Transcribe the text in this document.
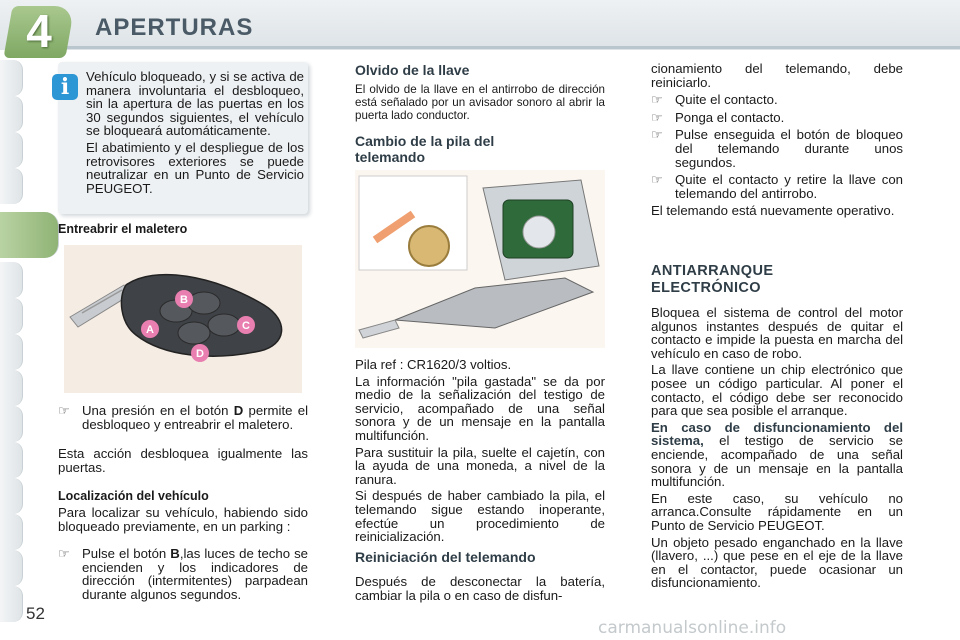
4	APERTURAS
i	Vehículo bloqueado, y si se activa de manera involuntaria el desbloqueo, sin la apertura de las puertas en los 30 segundos siguientes, el vehículo se bloqueará automáticamente.

El abatimiento y el despliegue de los retrovisores exteriores se puede neutralizar en un Punto de Servicio PEUGEOT.

Entreabrir el maletero
B
A	C
D

☞ Una presión en el botón D permite el desbloqueo y entreabrir el maletero.

Esta acción desbloquea igualmente las puertas.

Localización del vehículo

Para localizar su vehículo, habiendo sido bloqueado previamente, en un parking :

☞ Pulse el botón B,las luces de techo se encienden y los indicadores de dirección (intermitentes) parpadean durante algunos segundos.

52
Olvido de la llave

El olvido de la llave en el antirrobo de dirección está señalado por un avisador sonoro al abrir la puerta lado conductor.

Cambio de la pila del telemando

Pila ref : CR1620/3 voltios.

La información "pila gastada" se da por medio de la señalización del testigo de servicio, acompañado de una señal sonora y de un mensaje en la pantalla multifunción.

Para sustituir la pila, suelte el cajetín, con la ayuda de una moneda, a nivel de la ranura.

Si después de haber cambiado la pila, el telemando sigue estando inoperante, efectúe un procedimiento de reinicialización.

Reiniciación del telemando

Después de desconectar la batería, cambiar la pila o en caso de disfun-

cionamiento del telemando, debe reiniciarlo.

☞ Quite el contacto.

☞ Ponga el contacto.

☞ Pulse enseguida el botón de bloqueo del telemando durante unos segundos.

☞ Quite el contacto y retire la llave con telemando del antirrobo.

El telemando está nuevamente operativo.

ANTIARRANQUE
ELECTRÓNICO

Bloquea el sistema de control del motor algunos instantes después de quitar el contacto e impide la puesta en marcha del vehículo en caso de robo.

La llave contiene un chip electrónico que posee un código particular. Al poner el contacto, el código debe ser reconocido para que sea posible el arranque.

En caso de disfuncionamiento del sistema, el testigo de servicio se enciende, acompañado de una señal sonora y de un mensaje en la pantalla multifunción.

En este caso, su vehículo no arranca.Consulte rápidamente en un Punto de Servicio PEUGEOT.

Un objeto pesado enganchado en la llave (llavero, ...) que pese en el eje de la llave en el contactor, puede ocasionar un disfuncionamiento.

carmanualsonline.info
